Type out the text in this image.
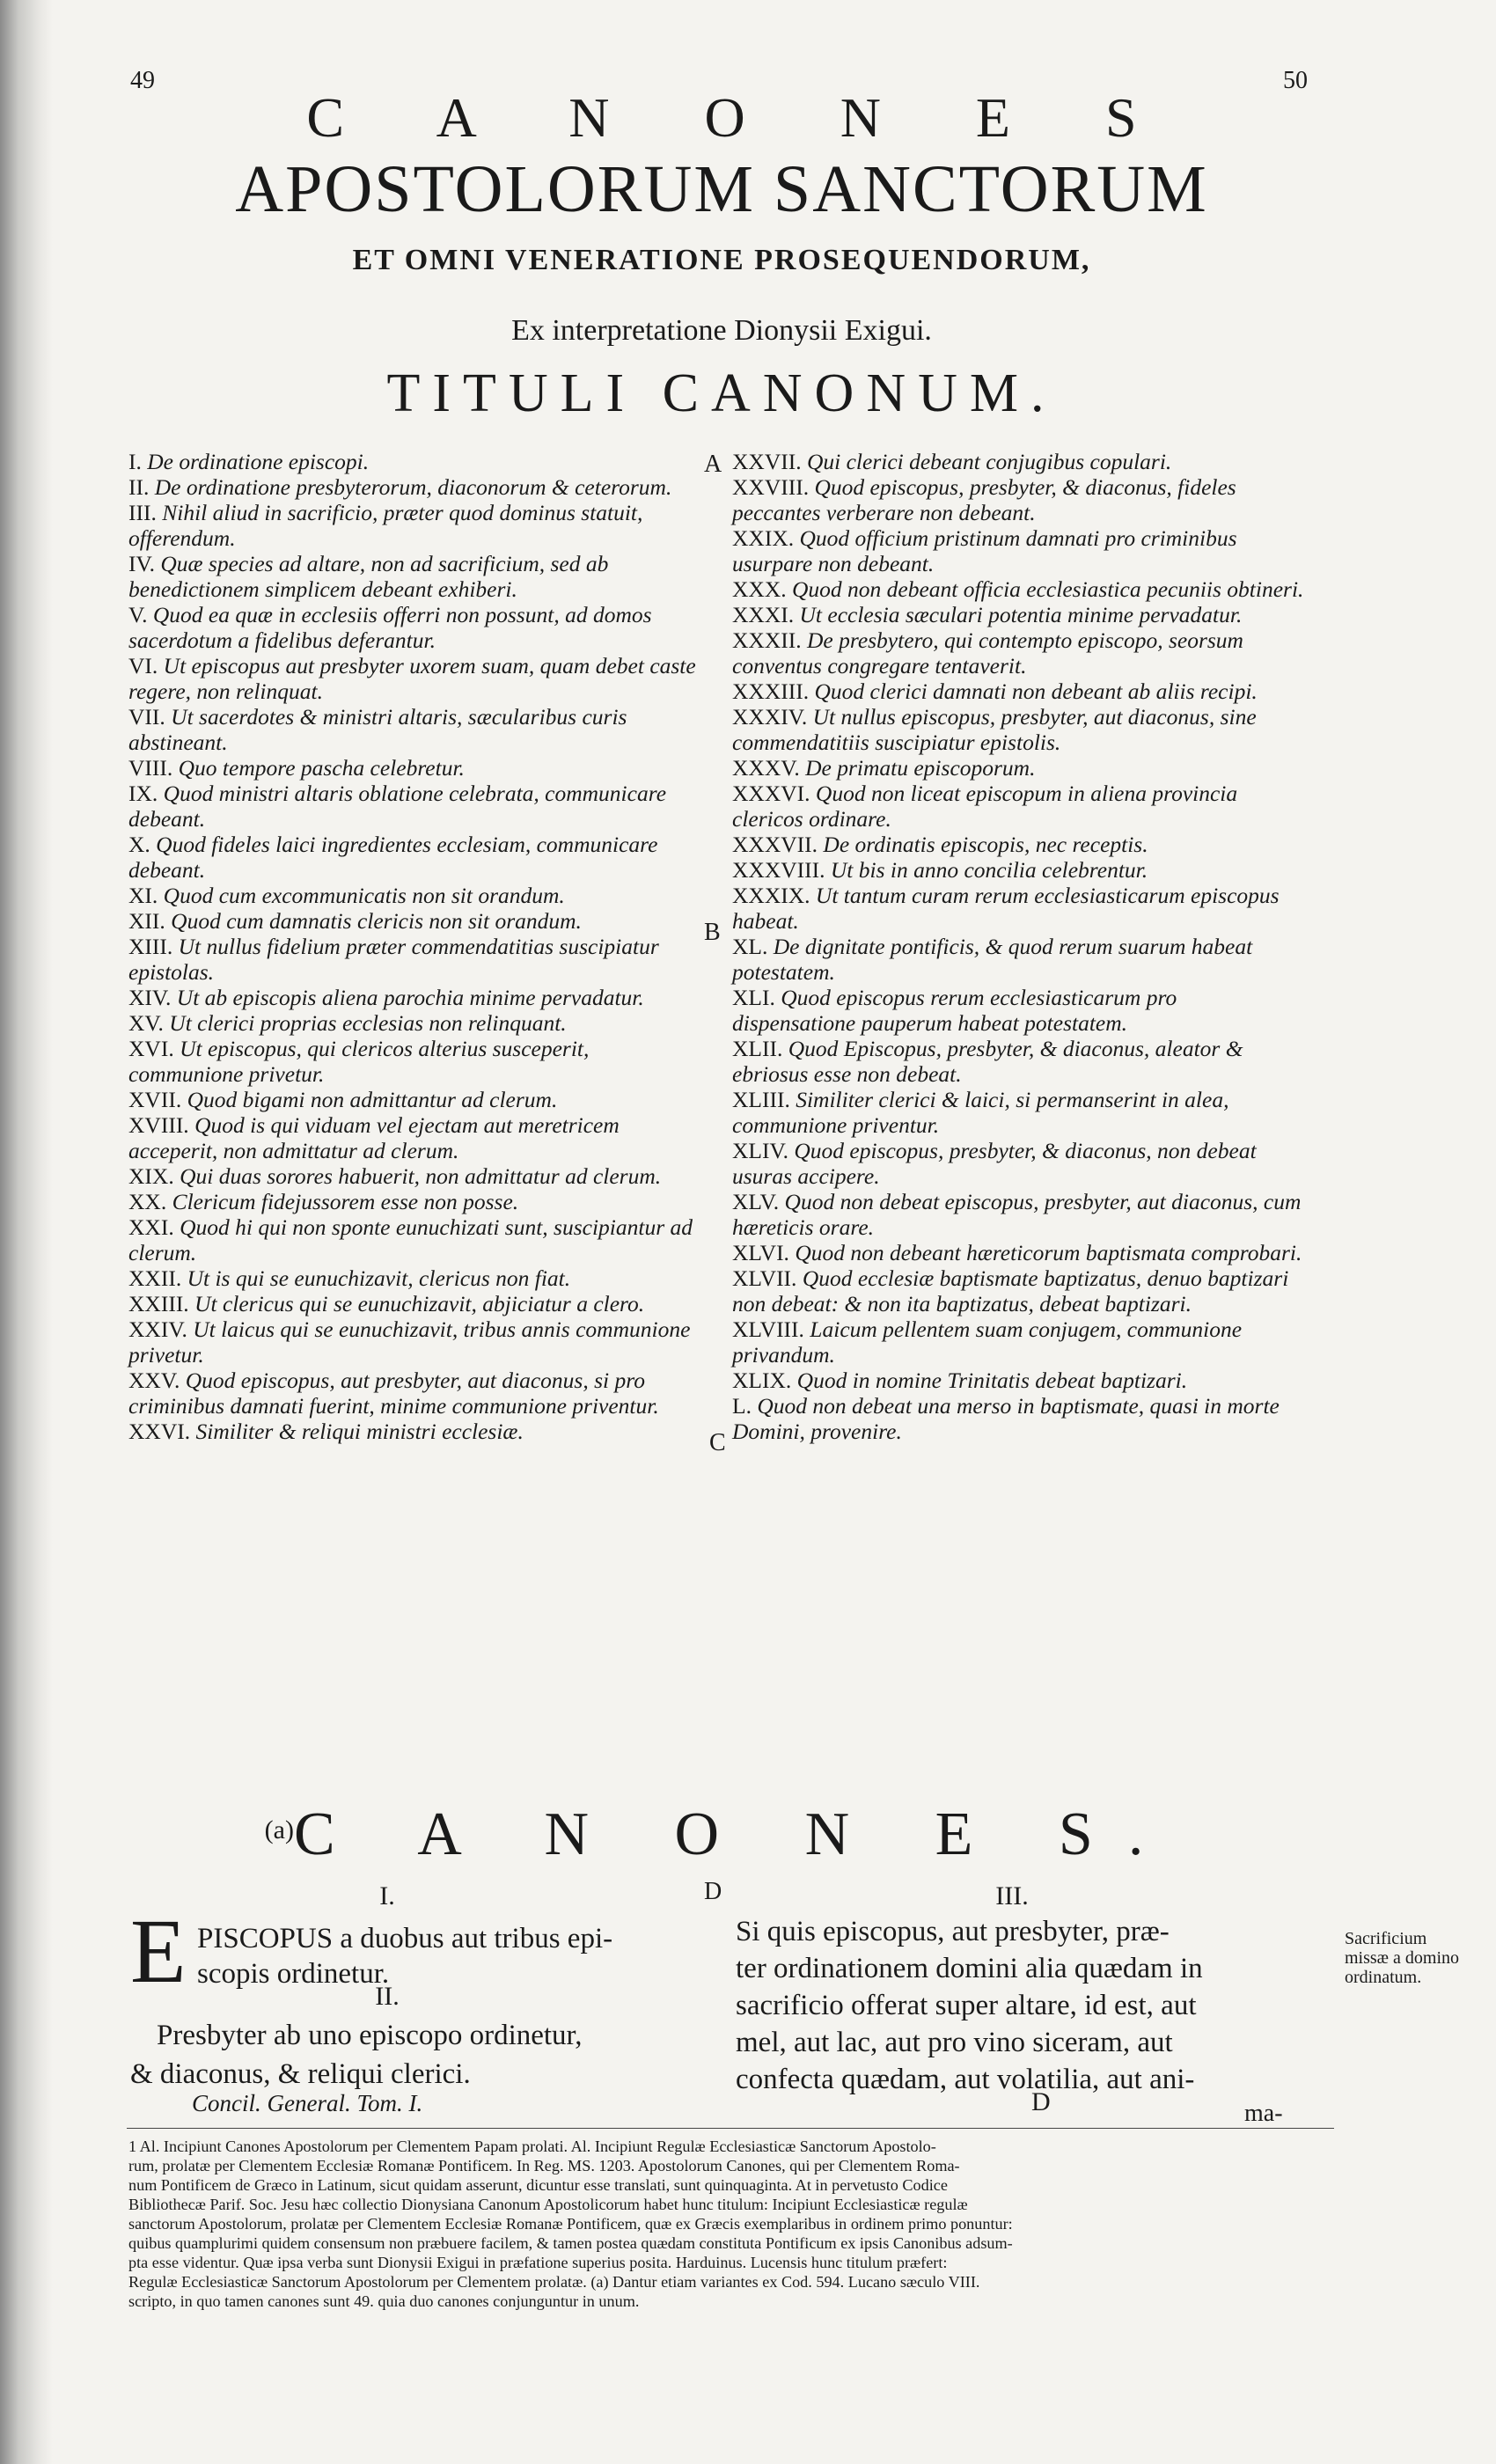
49	50
C A N O N E S
APOSTOLORUM SANCTORUM
ET OMNI VENERATIONE PROSEQUENDORUM,
Ex interpretatione Dionysii Exigui.
TITULI CANONUM.

I. De ordinatione episcopi.

II. De ordinatione presbyterorum, diaconorum & ceterorum.

III. Nihil aliud in sacrificio, præter quod dominus statuit, offerendum.

IV. Quæ species ad altare, non ad sacrificium, sed ab benedictionem simplicem debeant exhiberi.

V. Quod ea quæ in ecclesiis offerri non possunt, ad domos sacerdotum a fidelibus deferantur.

VI. Ut episcopus aut presbyter uxorem suam, quam debet caste regere, non relinquat.

VII. Ut sacerdotes & ministri altaris, sæcularibus curis abstineant.

VIII. Quo tempore pascha celebretur.

IX. Quod ministri altaris oblatione celebrata, communicare debeant.

X. Quod fideles laici ingredientes ecclesiam, communicare debeant.

XI. Quod cum excommunicatis non sit orandum.

XII. Quod cum damnatis clericis non sit orandum.

XIII. Ut nullus fidelium præter commendatitias suscipiatur epistolas.

XIV. Ut ab episcopis aliena parochia minime pervadatur.

XV. Ut clerici proprias ecclesias non relinquant.

XVI. Ut episcopus, qui clericos alterius susceperit, communione privetur.

XVII. Quod bigami non admittantur ad clerum.

XVIII. Quod is qui viduam vel ejectam aut meretricem acceperit, non admittatur ad clerum.

XIX. Qui duas sorores habuerit, non admittatur ad clerum.

XX. Clericum fidejussorem esse non posse.

XXI. Quod hi qui non sponte eunuchizati sunt, suscipiantur ad clerum.

XXII. Ut is qui se eunuchizavit, clericus non fiat.

XXIII. Ut clericus qui se eunuchizavit, abjiciatur a clero.

XXIV. Ut laicus qui se eunuchizavit, tribus annis communione privetur.

XXV. Quod episcopus, aut presbyter, aut diaconus, si pro criminibus damnati fuerint, minime communione priventur.

XXVI. Similiter & reliqui ministri ecclesiæ.

XXVII. Qui clerici debeant conjugibus copulari.

XXVIII. Quod episcopus, presbyter, & diaconus, fideles peccantes verberare non debeant.

XXIX. Quod officium pristinum damnati pro criminibus usurpare non debeant.

XXX. Quod non debeant officia ecclesiastica pecuniis obtineri.

XXXI. Ut ecclesia sæculari potentia minime pervadatur.

XXXII. De presbytero, qui contempto episcopo, seorsum conventus congregare tentaverit.

XXXIII. Quod clerici damnati non debeant ab aliis recipi.

XXXIV. Ut nullus episcopus, presbyter, aut diaconus, sine commendatitiis suscipiatur epistolis.

XXXV. De primatu episcoporum.

XXXVI. Quod non liceat episcopum in aliena provincia clericos ordinare.

XXXVII. De ordinatis episcopis, nec receptis.

XXXVIII. Ut bis in anno concilia celebrentur.

XXXIX. Ut tantum curam rerum ecclesiasticarum episcopus habeat.

XL. De dignitate pontificis, & quod rerum suarum habeat potestatem.

XLI. Quod episcopus rerum ecclesiasticarum pro dispensatione pauperum habeat potestatem.

XLII. Quod Episcopus, presbyter, & diaconus, aleator & ebriosus esse non debeat.

XLIII. Similiter clerici & laici, si permanserint in alea, communione priventur.

XLIV. Quod episcopus, presbyter, & diaconus, non debeat usuras accipere.

XLV. Quod non debeat episcopus, presbyter, aut diaconus, cum hæreticis orare.

XLVI. Quod non debeant hæreticorum baptismata comprobari.

XLVII. Quod ecclesiæ baptismate baptizatus, denuo baptizari non debeat: & non ita baptizatus, debeat baptizari.

XLVIII. Laicum pellentem suam conjugem, communione privandum.

XLIX. Quod in nomine Trinitatis debeat baptizari.

L. Quod non debeat una merso in baptismate, quasi in morte Domini, provenire.

A
B
C
$^{(a)}$C A N O N E S.
I.	D	III.
E PISCOPUS a duobus aut tribus epi-
scopis ordinetur.
II.
Presbyter ab uno episcopo ordinetur,
& diaconus, & reliqui clerici.
Concil. General. Tom. I.
Si quis episcopus, aut presbyter, præ-
ter ordinationem domini alia quædam in
sacrificio offerat super altare, id est, aut
mel, aut lac, aut pro vino siceram, aut
confecta quædam, aut volatilia, aut ani-
D	ma-
Sacrificium missæ a domino ordinatum.
1 Al. Incipiunt Canones Apostolorum per Clementem Papam prolati. Al. Incipiunt Regulæ Ecclesiasticæ Sanctorum Apostolo-
rum, prolatæ per Clementem Ecclesiæ Romanæ Pontificem. In Reg. MS. 1203. Apostolorum Canones, qui per Clementem Roma-
num Pontificem de Græco in Latinum, sicut quidam asserunt, dicuntur esse translati, sunt quinquaginta. At in pervetusto Codice
Bibliothecæ Parif. Soc. Jesu hæc collectio Dionysiana Canonum Apostolicorum habet hunc titulum: Incipiunt Ecclesiasticæ regulæ
sanctorum Apostolorum, prolatæ per Clementem Ecclesiæ Romanæ Pontificem, quæ ex Græcis exemplaribus in ordinem primo ponuntur:
quibus quamplurimi quidem consensum non præbuere facilem, & tamen postea quædam constituta Pontificum ex ipsis Canonibus adsum-
pta esse videntur. Quæ ipsa verba sunt Dionysii Exigui in præfatione superius posita. Harduinus. Lucensis hunc titulum præfert:
Regulæ Ecclesiasticæ Sanctorum Apostolorum per Clementem prolatæ. (a) Dantur etiam variantes ex Cod. 594. Lucano sæculo VIII.
scripto, in quo tamen canones sunt 49. quia duo canones conjunguntur in unum.
